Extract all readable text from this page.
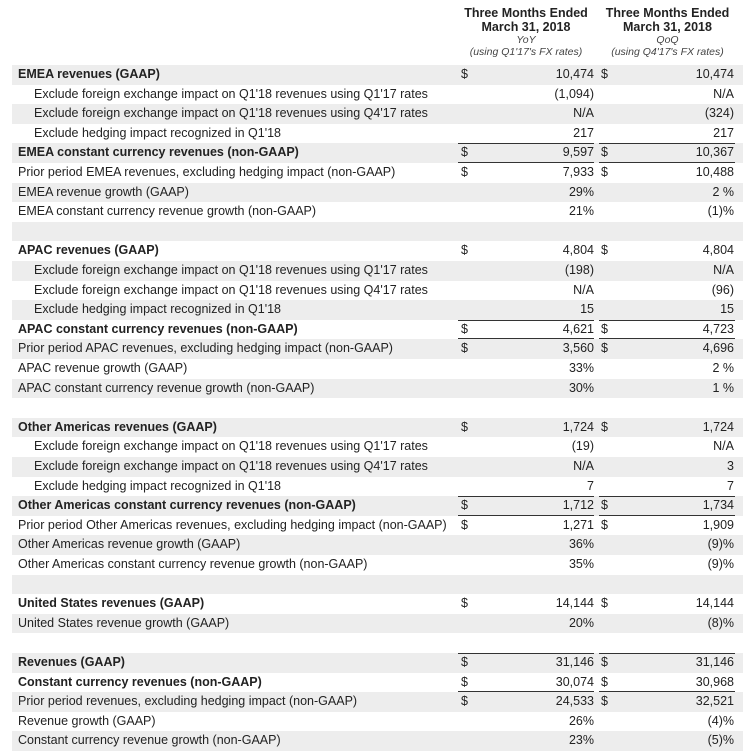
Three Months Ended
March 31, 2018
YoY
(using Q1'17's FX rates)
Three Months Ended
March 31, 2018
QoQ
(using Q4'17's FX rates)
EMEA revenues (GAAP)	$	10,474 $	10,474
Exclude foreign exchange impact on Q1'18 revenues using Q1'17 rates	(1,094)	N/A
Exclude foreign exchange impact on Q1'18 revenues using Q4'17 rates	N/A	(324)
Exclude hedging impact recognized in Q1'18	217	217
EMEA constant currency revenues (non-GAAP)	$	9,597 $	10,367
Prior period EMEA revenues, excluding hedging impact (non-GAAP)	$	7,933 $	10,488
EMEA revenue growth (GAAP)	29%	2 %
EMEA constant currency revenue growth (non-GAAP)	21%	(1)%
APAC revenues (GAAP)	$	4,804 $	4,804
Exclude foreign exchange impact on Q1'18 revenues using Q1'17 rates	(198)	N/A
Exclude foreign exchange impact on Q1'18 revenues using Q4'17 rates	N/A	(96)
Exclude hedging impact recognized in Q1'18	15	15
APAC constant currency revenues (non-GAAP)	$	4,621 $	4,723
Prior period APAC revenues, excluding hedging impact (non-GAAP)	$	3,560 $	4,696
APAC revenue growth (GAAP)	33%	2 %
APAC constant currency revenue growth (non-GAAP)	30%	1 %
Other Americas revenues (GAAP)	$	1,724 $	1,724
Exclude foreign exchange impact on Q1'18 revenues using Q1'17 rates	(19)	N/A
Exclude foreign exchange impact on Q1'18 revenues using Q4'17 rates	N/A	3
Exclude hedging impact recognized in Q1'18	7	7
Other Americas constant currency revenues (non-GAAP)	$	1,712 $	1,734
Prior period Other Americas revenues, excluding hedging impact (non-GAAP) $	1,271 $	1,909
Other Americas revenue growth (GAAP)	36%	(9)%
Other Americas constant currency revenue growth (non-GAAP)	35%	(9)%
United States revenues (GAAP)	$	14,144 $	14,144
United States revenue growth (GAAP)	20%	(8)%
Revenues (GAAP)	$	31,146 $	31,146
Constant currency revenues (non-GAAP)	$	30,074 $	30,968
Prior period revenues, excluding hedging impact (non-GAAP)	$	24,533 $	32,521
Revenue growth (GAAP)	26%	(4)%
Constant currency revenue growth (non-GAAP)	23%	(5)%
